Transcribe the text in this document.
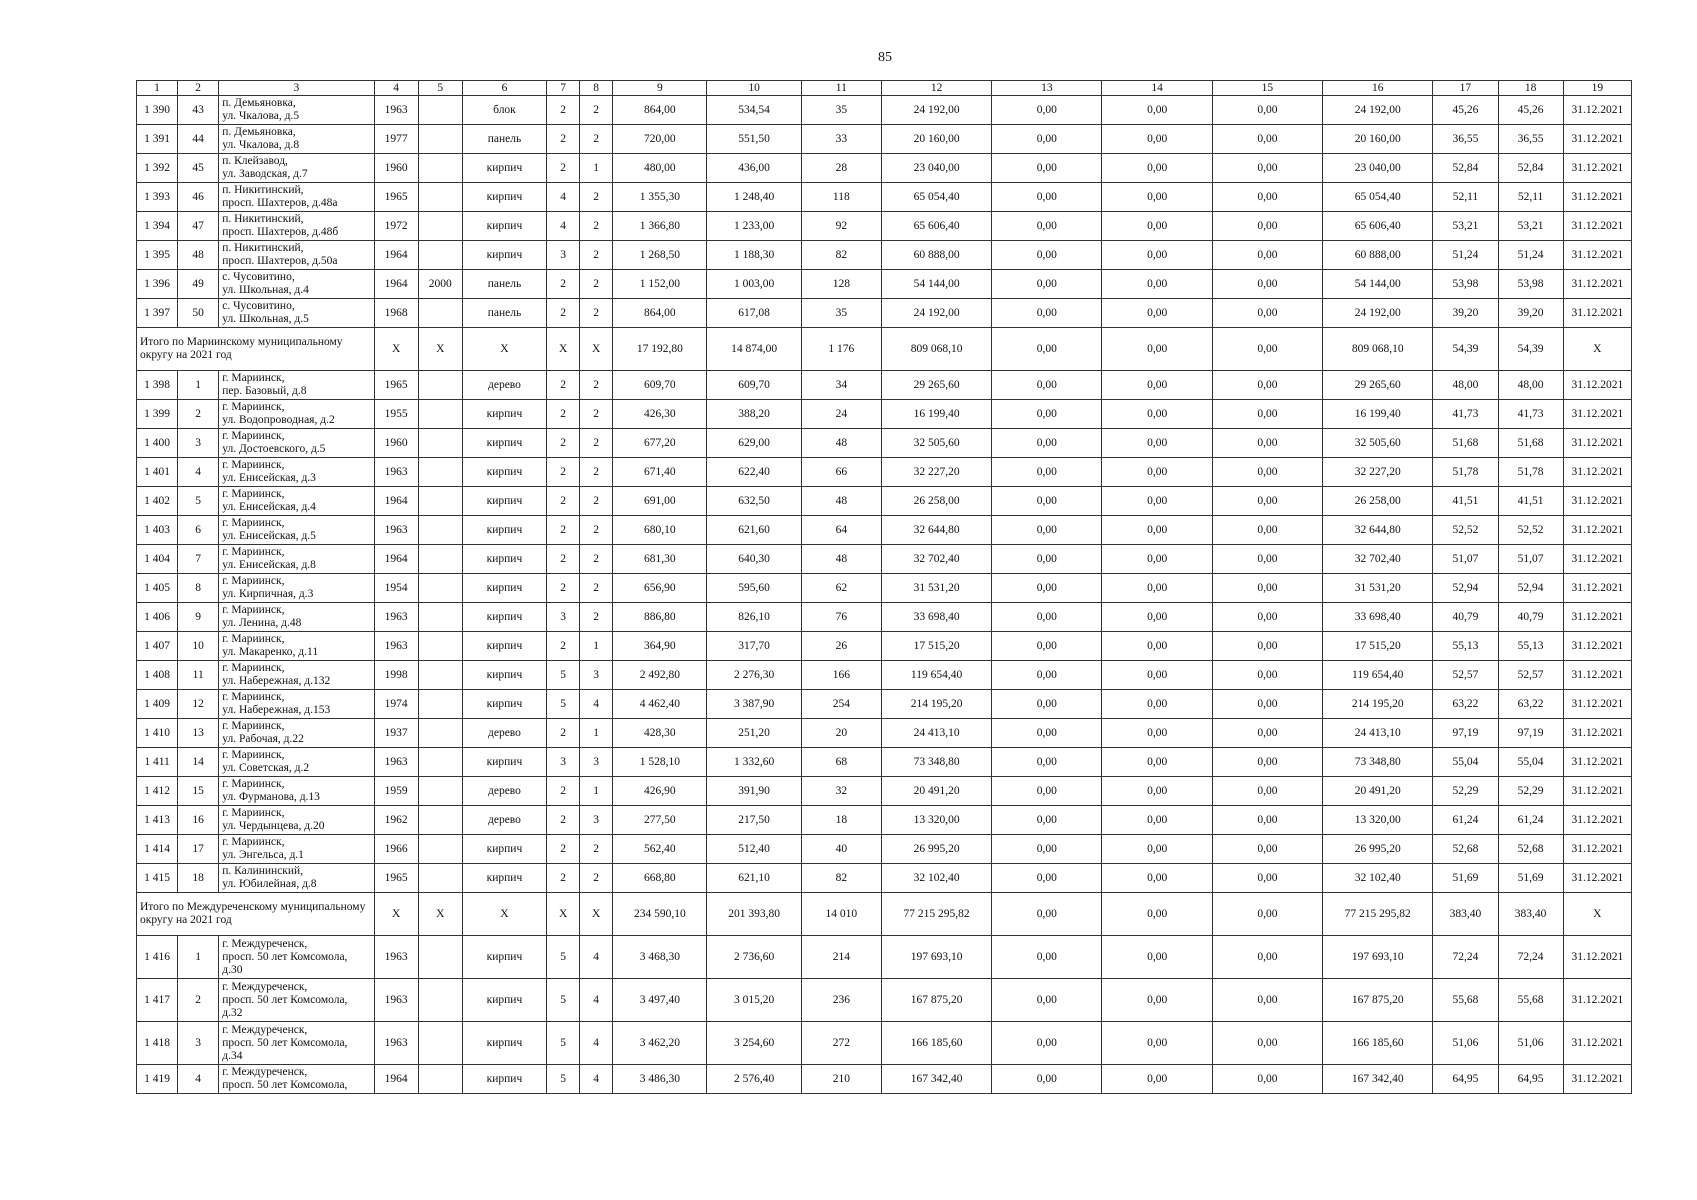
85
1	2	3	4	5	6	7	8	9	10	11	12	13	14	15	16	17	18	19
1 390	43	п. Демьяновка,
ул. Чкалова, д.5	1963		блок	2	2	864,00	534,54	35	24 192,00	0,00	0,00	0,00	24 192,00	45,26	45,26	31.12.2021
1 391	44	п. Демьяновка,
ул. Чкалова, д.8	1977		панель	2	2	720,00	551,50	33	20 160,00	0,00	0,00	0,00	20 160,00	36,55	36,55	31.12.2021
1 392	45	п. Клейзавод,
ул. Заводская, д.7	1960		кирпич	2	1	480,00	436,00	28	23 040,00	0,00	0,00	0,00	23 040,00	52,84	52,84	31.12.2021
1 393	46	п. Никитинский,
просп. Шахтеров, д.48а	1965		кирпич	4	2	1 355,30	1 248,40	118	65 054,40	0,00	0,00	0,00	65 054,40	52,11	52,11	31.12.2021
1 394	47	п. Никитинский,
просп. Шахтеров, д.48б	1972		кирпич	4	2	1 366,80	1 233,00	92	65 606,40	0,00	0,00	0,00	65 606,40	53,21	53,21	31.12.2021
1 395	48	п. Никитинский,
просп. Шахтеров, д.50а	1964		кирпич	3	2	1 268,50	1 188,30	82	60 888,00	0,00	0,00	0,00	60 888,00	51,24	51,24	31.12.2021
1 396	49	с. Чусовитино,
ул. Школьная, д.4	1964	2000	панель	2	2	1 152,00	1 003,00	128	54 144,00	0,00	0,00	0,00	54 144,00	53,98	53,98	31.12.2021
1 397	50	с. Чусовитино,
ул. Школьная, д.5	1968		панель	2	2	864,00	617,08	35	24 192,00	0,00	0,00	0,00	24 192,00	39,20	39,20	31.12.2021
Итого по Мариинскому муниципальному округу на 2021 год			X	X	X	X	X	17 192,80	14 874,00	1 176	809 068,10	0,00	0,00	0,00	809 068,10	54,39	54,39	X
1 398	1	г. Мариинск,
пер. Базовый, д.8	1965		дерево	2	2	609,70	609,70	34	29 265,60	0,00	0,00	0,00	29 265,60	48,00	48,00	31.12.2021
1 399	2	г. Мариинск,
ул. Водопроводная, д.2	1955		кирпич	2	2	426,30	388,20	24	16 199,40	0,00	0,00	0,00	16 199,40	41,73	41,73	31.12.2021
1 400	3	г. Мариинск,
ул. Достоевского, д.5	1960		кирпич	2	2	677,20	629,00	48	32 505,60	0,00	0,00	0,00	32 505,60	51,68	51,68	31.12.2021
1 401	4	г. Мариинск,
ул. Енисейская, д.3	1963		кирпич	2	2	671,40	622,40	66	32 227,20	0,00	0,00	0,00	32 227,20	51,78	51,78	31.12.2021
1 402	5	г. Мариинск,
ул. Енисейская, д.4	1964		кирпич	2	2	691,00	632,50	48	26 258,00	0,00	0,00	0,00	26 258,00	41,51	41,51	31.12.2021
1 403	6	г. Мариинск,
ул. Енисейская, д.5	1963		кирпич	2	2	680,10	621,60	64	32 644,80	0,00	0,00	0,00	32 644,80	52,52	52,52	31.12.2021
1 404	7	г. Мариинск,
ул. Енисейская, д.8	1964		кирпич	2	2	681,30	640,30	48	32 702,40	0,00	0,00	0,00	32 702,40	51,07	51,07	31.12.2021
1 405	8	г. Мариинск,
ул. Кирпичная, д.3	1954		кирпич	2	2	656,90	595,60	62	31 531,20	0,00	0,00	0,00	31 531,20	52,94	52,94	31.12.2021
1 406	9	г. Мариинск,
ул. Ленина, д.48	1963		кирпич	3	2	886,80	826,10	76	33 698,40	0,00	0,00	0,00	33 698,40	40,79	40,79	31.12.2021
1 407	10	г. Мариинск,
ул. Макаренко, д.11	1963		кирпич	2	1	364,90	317,70	26	17 515,20	0,00	0,00	0,00	17 515,20	55,13	55,13	31.12.2021
1 408	11	г. Мариинск,
ул. Набережная, д.132	1998		кирпич	5	3	2 492,80	2 276,30	166	119 654,40	0,00	0,00	0,00	119 654,40	52,57	52,57	31.12.2021
1 409	12	г. Мариинск,
ул. Набережная, д.153	1974		кирпич	5	4	4 462,40	3 387,90	254	214 195,20	0,00	0,00	0,00	214 195,20	63,22	63,22	31.12.2021
1 410	13	г. Мариинск,
ул. Рабочая, д.22	1937		дерево	2	1	428,30	251,20	20	24 413,10	0,00	0,00	0,00	24 413,10	97,19	97,19	31.12.2021
1 411	14	г. Мариинск,
ул. Советская, д.2	1963		кирпич	3	3	1 528,10	1 332,60	68	73 348,80	0,00	0,00	0,00	73 348,80	55,04	55,04	31.12.2021
1 412	15	г. Мариинск,
ул. Фурманова, д.13	1959		дерево	2	1	426,90	391,90	32	20 491,20	0,00	0,00	0,00	20 491,20	52,29	52,29	31.12.2021
1 413	16	г. Мариинск,
ул. Чердынцева, д.20	1962		дерево	2	3	277,50	217,50	18	13 320,00	0,00	0,00	0,00	13 320,00	61,24	61,24	31.12.2021
1 414	17	г. Мариинск,
ул. Энгельса, д.1	1966		кирпич	2	2	562,40	512,40	40	26 995,20	0,00	0,00	0,00	26 995,20	52,68	52,68	31.12.2021
1 415	18	п. Калининский,
ул. Юбилейная, д.8	1965		кирпич	2	2	668,80	621,10	82	32 102,40	0,00	0,00	0,00	32 102,40	51,69	51,69	31.12.2021
Итого по Междуреченскому муниципальному округу на 2021 год			X	X	X	X	X	234 590,10	201 393,80	14 010	77 215 295,82	0,00	0,00	0,00	77 215 295,82	383,40	383,40	X
1 416	1	г. Междуреченск,
просп. 50 лет Комсомола,
д.30	1963		кирпич	5	4	3 468,30	2 736,60	214	197 693,10	0,00	0,00	0,00	197 693,10	72,24	72,24	31.12.2021
1 417	2	г. Междуреченск,
просп. 50 лет Комсомола,
д.32	1963		кирпич	5	4	3 497,40	3 015,20	236	167 875,20	0,00	0,00	0,00	167 875,20	55,68	55,68	31.12.2021
1 418	3	г. Междуреченск,
просп. 50 лет Комсомола,
д.34	1963		кирпич	5	4	3 462,20	3 254,60	272	166 185,60	0,00	0,00	0,00	166 185,60	51,06	51,06	31.12.2021
1 419	4	г. Междуреченск,
просп. 50 лет Комсомола,	1964		кирпич	5	4	3 486,30	2 576,40	210	167 342,40	0,00	0,00	0,00	167 342,40	64,95	64,95	31.12.2021
